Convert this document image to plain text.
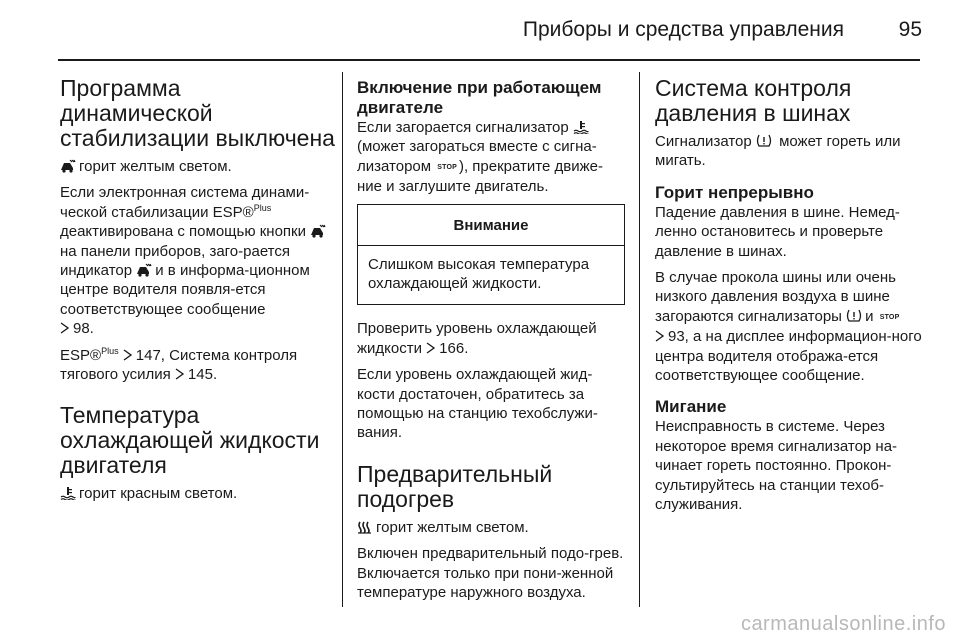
Приборы и средства управления	95
Программа динамической стабилизации выключена

горит желтым светом.

Если электронная система динами-ческой стабилизации ESP®$^{Plus}$ деактивирована с помощью кнопки
на панели приборов, заго-рается индикатор и в информа-ционном центре водителя появля-ется соответствующее сообщение

98.

ESP®$^{Plus}$ 147, Система контроля тягового усилия 145.

Температура охлаждающей жидкости двигателя

горит красным светом.

Включение при работающем двигателе

Если загорается сигнализатор
(может загораться вместе с сигна-лизатором STOP ), прекратите движе-ние и заглушите двигатель.

Внимание
Слишком высокая температура охлаждающей жидкости.

Проверить уровень охлаждающей жидкости 166.

Если уровень охлаждающей жид-кости достаточен, обратитесь за помощью на станцию техобслужи-вания.

Предварительный подогрев

горит желтым светом.

Включен предварительный подо-грев. Включается только при пони-женной температуре наружного воздуха.

Система контроля давления в шинах

Сигнализатор может гореть или мигать.

Горит непрерывно

Падение давления в шине. Немед-ленно остановитесь и проверьте давление в шинах.

В случае прокола шины или очень низкого давления воздуха в шине загораются сигнализаторы и STOP

93, а на дисплее информацион-ного центра водителя отобража-ется соответствующее сообщение.

Мигание

Неисправность в системе. Через некоторое время сигнализатор на-чинает гореть постоянно. Прокон-сультируйтесь на станции техоб-служивания.

carmanualsonline.info
